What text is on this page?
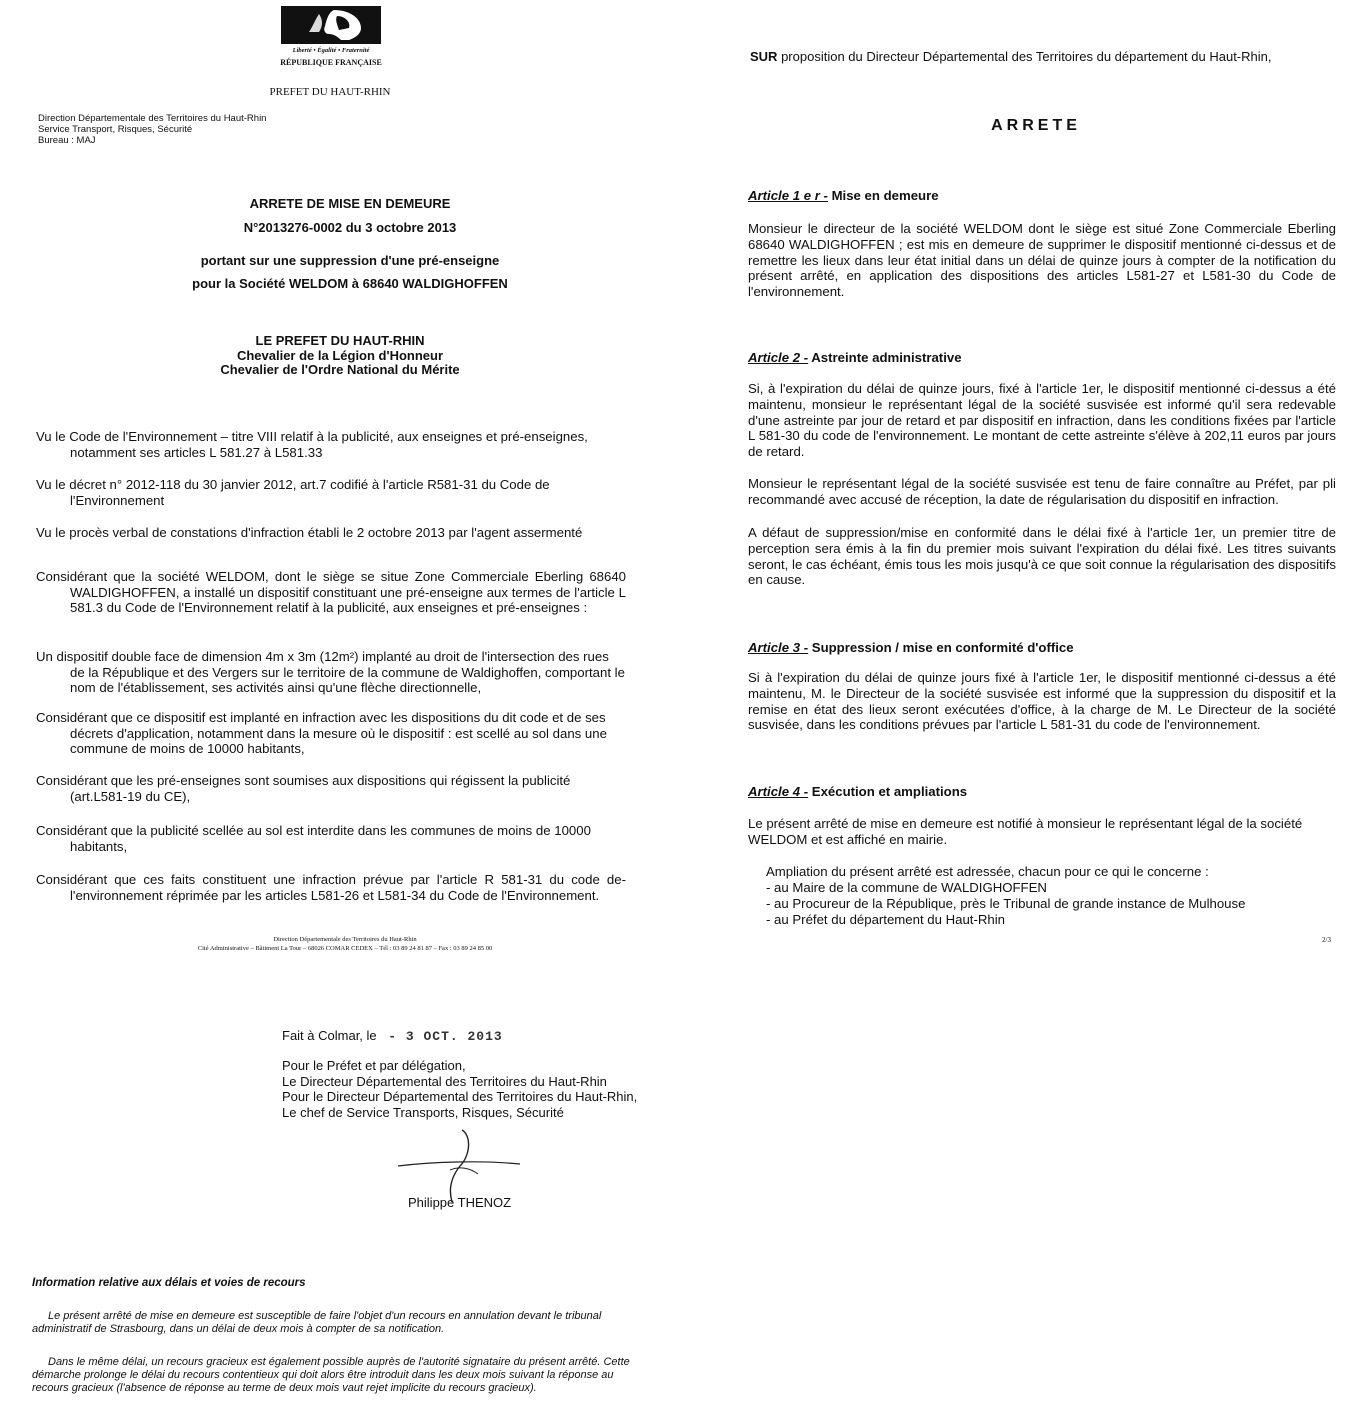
Liberté • Égalité • Fraternité
RÉPUBLIQUE FRANÇAISE
PREFET DU HAUT-RHIN
Direction Départementale des Territoires du Haut-Rhin
Service Transport, Risques, Sécurité
Bureau : MAJ
ARRETE DE MISE EN DEMEURE
N°2013276-0002 du 3 octobre 2013
portant sur une suppression d'une pré-enseigne
pour la Société WELDOM à 68640 WALDIGHOFFEN
LE PREFET DU HAUT-RHIN
Chevalier de la Légion d'Honneur
Chevalier de l'Ordre National du Mérite
Vu le Code de l'Environnement – titre VIII relatif à la publicité, aux enseignes et pré-enseignes, notamment ses articles L 581.27 à L581.33
Vu le décret n° 2012-118 du 30 janvier 2012, art.7 codifié à l'article R581-31 du Code de l'Environnement
Vu le procès verbal de constations d'infraction établi le 2 octobre 2013 par l'agent assermenté
Considérant que la société WELDOM, dont le siège se situe Zone Commerciale Eberling 68640 WALDIGHOFFEN, a installé un dispositif constituant une pré-enseigne aux termes de l'article L 581.3 du Code de l'Environnement relatif à la publicité, aux enseignes et pré-enseignes :
Un dispositif double face de dimension 4m x 3m (12m²) implanté au droit de l'intersection des rues de la République et des Vergers sur le territoire de la commune de Waldighoffen, comportant le nom de l'établissement, ses activités ainsi qu'une flèche directionnelle,
Considérant que ce dispositif est implanté en infraction avec les dispositions du dit code et de ses décrets d'application, notamment dans la mesure où le dispositif : est scellé au sol dans une commune de moins de 10000 habitants,
Considérant que les pré-enseignes sont soumises aux dispositions qui régissent la publicité (art.L581-19 du CE),
Considérant que la publicité scellée au sol est interdite dans les communes de moins de 10000 habitants,
Considérant que ces faits constituent une infraction prévue par l'article R 581-31 du code de-l'environnement réprimée par les articles L581-26 et L581-34 du Code de l'Environnement.
Direction Départementale des Territoires du Haut-Rhin
Cité Administrative – Bâtiment La Tour – 68026 COMAR CEDEX – Tél : 03 89 24 81 87 – Fax : 03 89 24 85 00
Fait à Colmar, le - 3 OCT. 2013
Pour le Préfet et par délégation,
Le Directeur Départemental des Territoires du Haut-Rhin
Pour le Directeur Départemental des Territoires du Haut-Rhin,
Le chef de Service Transports, Risques, Sécurité
Philippe THENOZ
Information relative aux délais et voies de recours
Le présent arrêté de mise en demeure est susceptible de faire l'objet d'un recours en annulation devant le tribunal administratif de Strasbourg, dans un délai de deux mois à compter de sa notification.
Dans le même délai, un recours gracieux est également possible auprès de l'autorité signataire du présent arrêté. Cette démarche prolonge le délai du recours contentieux qui doit alors être introduit dans les deux mois suivant la réponse au recours gracieux (l'absence de réponse au terme de deux mois vaut rejet implicite du recours gracieux).
SUR proposition du Directeur Départemental des Territoires du département du Haut-Rhin,
ARRETE
Article 1 e r - Mise en demeure
Monsieur le directeur de la société WELDOM dont le siège est situé Zone Commerciale Eberling 68640 WALDIGHOFFEN ; est mis en demeure de supprimer le dispositif mentionné ci-dessus et de remettre les lieux dans leur état initial dans un délai de quinze jours à compter de la notification du présent arrêté, en application des dispositions des articles L581-27 et L581-30 du Code de l'environnement.
Article 2 - Astreinte administrative
Si, à l'expiration du délai de quinze jours, fixé à l'article 1er, le dispositif mentionné ci-dessus a été maintenu, monsieur le représentant légal de la société susvisée est informé qu'il sera redevable d'une astreinte par jour de retard et par dispositif en infraction, dans les conditions fixées par l'article L 581-30 du code de l'environnement. Le montant de cette astreinte s'élève à 202,11 euros par jours de retard.
Monsieur le représentant légal de la société susvisée est tenu de faire connaître au Préfet, par pli recommandé avec accusé de réception, la date de régularisation du dispositif en infraction.
A défaut de suppression/mise en conformité dans le délai fixé à l'article 1er, un premier titre de perception sera émis à la fin du premier mois suivant l'expiration du délai fixé. Les titres suivants seront, le cas échéant, émis tous les mois jusqu'à ce que soit connue la régularisation des dispositifs en cause.
Article 3 - Suppression / mise en conformité d'office
Si à l'expiration du délai de quinze jours fixé à l'article 1er, le dispositif mentionné ci-dessus a été maintenu, M. le Directeur de la société susvisée est informé que la suppression du dispositif et la remise en état des lieux seront exécutées d'office, à la charge de M. Le Directeur de la société susvisée, dans les conditions prévues par l'article L 581-31 du code de l'environnement.
Article 4 - Exécution et ampliations
Le présent arrêté de mise en demeure est notifié à monsieur le représentant légal de la société WELDOM et est affiché en mairie.
Ampliation du présent arrêté est adressée, chacun pour ce qui le concerne :
- au Maire de la commune de WALDIGHOFFEN
- au Procureur de la République, près le Tribunal de grande instance de Mulhouse
- au Préfet du département du Haut-Rhin
2/3
